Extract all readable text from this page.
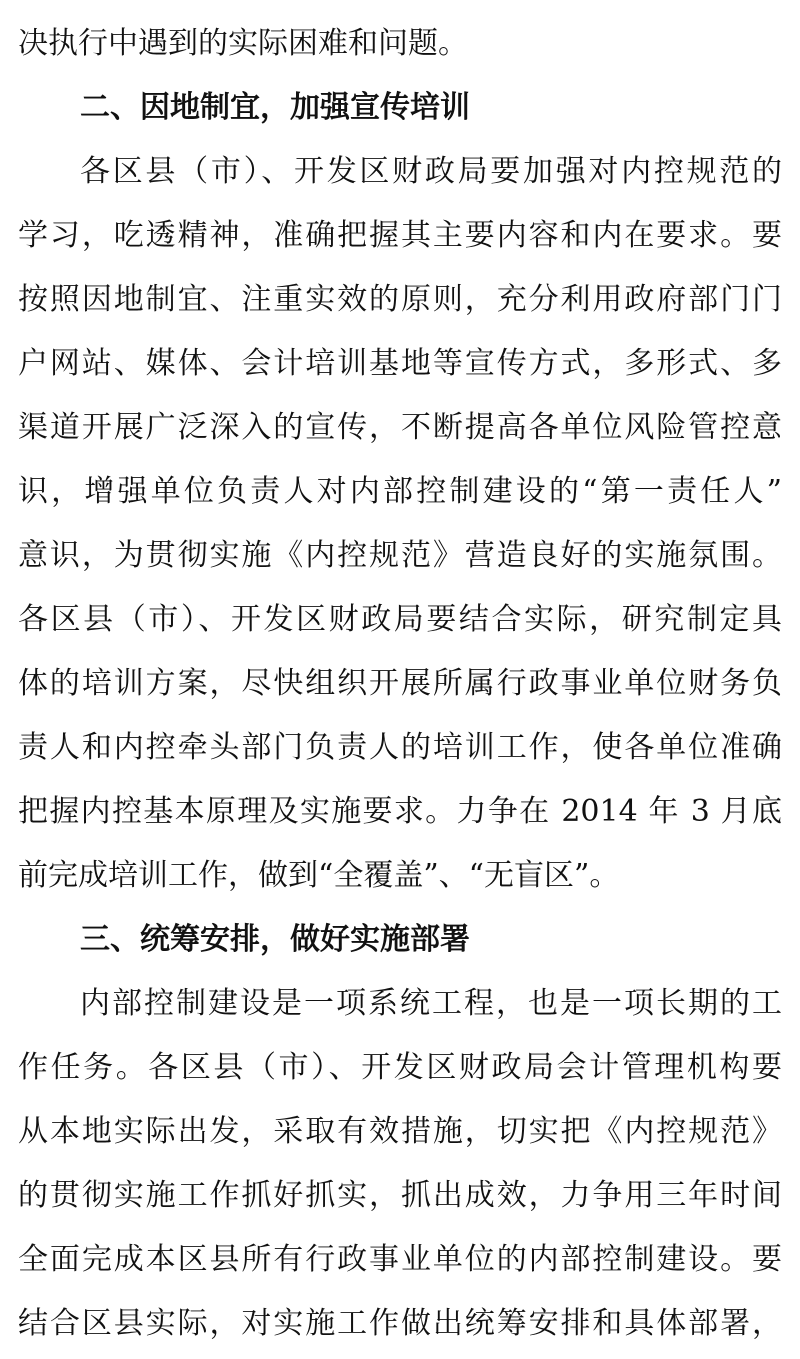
决执行中遇到的实际困难和问题。
二、因地制宜，加强宣传培训
各区县（市）、开发区财政局要加强对内控规范的
学习，吃透精神，准确把握其主要内容和内在要求。要
按照因地制宜、注重实效的原则，充分利用政府部门门
户网站、媒体、会计培训基地等宣传方式，多形式、多
渠道开展广泛深入的宣传，不断提高各单位风险管控意
识，增强单位负责人对内部控制建设的“第一责任人”
意识，为贯彻实施《内控规范》营造良好的实施氛围。
各区县（市）、开发区财政局要结合实际，研究制定具
体的培训方案，尽快组织开展所属行政事业单位财务负
责人和内控牵头部门负责人的培训工作，使各单位准确
把握内控基本原理及实施要求。力争在 2014 年 3 月底
前完成培训工作，做到“全覆盖”、“无盲区”。
三、统筹安排，做好实施部署
内部控制建设是一项系统工程，也是一项长期的工
作任务。各区县（市）、开发区财政局会计管理机构要
从本地实际出发，采取有效措施，切实把《内控规范》
的贯彻实施工作抓好抓实，抓出成效，力争用三年时间
全面完成本区县所有行政事业单位的内部控制建设。要
结合区县实际，对实施工作做出统筹安排和具体部署，
